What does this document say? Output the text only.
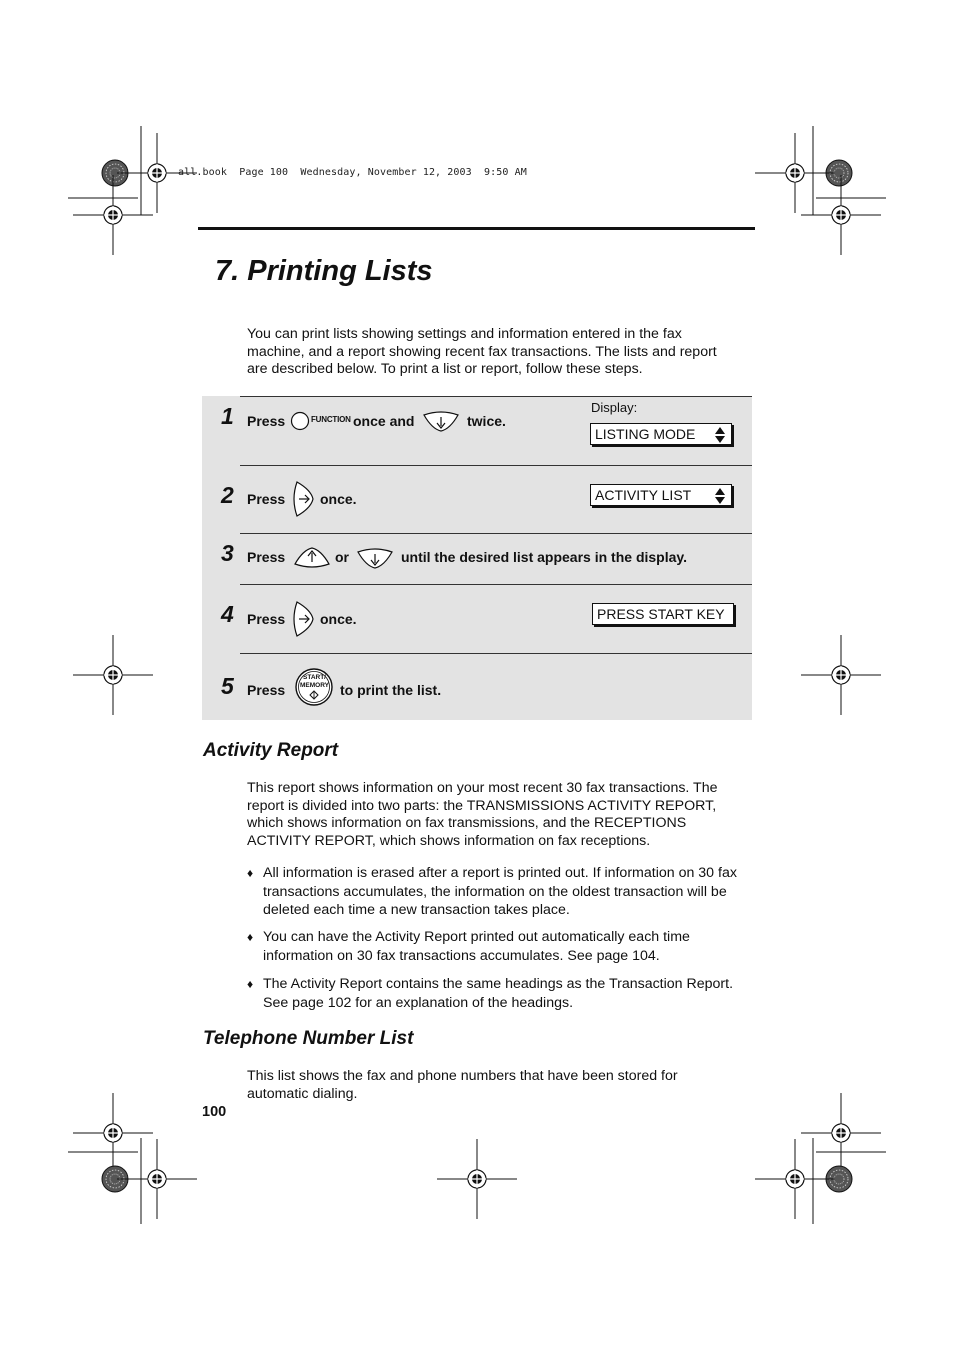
all.book  Page 100  Wednesday, November 12, 2003  9:50 AM
7. Printing Lists

You can print lists showing settings and information entered in the fax machine, and a report showing recent fax transactions. The lists and report are described below. To print a list or report, follow these steps.

Display:
1 Press	FUNCTION once and	twice.
LISTING MODE
2 Press once.	ACTIVITY LIST
3 Press	or	until the desired list appears in the display.
4 Press once.	PRESS START KEY
5 Press
START/
MEMORY to print the list.
Activity Report

This report shows information on your most recent 30 fax transactions. The report is divided into two parts: the TRANSMISSIONS ACTIVITY REPORT, which shows information on fax transmissions, and the RECEPTIONS ACTIVITY REPORT, which shows information on fax receptions.

♦ All information is erased after a report is printed out. If information on 30 fax transactions accumulates, the information on the oldest transaction will be deleted each time a new transaction takes place.
♦ You can have the Activity Report printed out automatically each time information on 30 fax transactions accumulates. See page 104.
♦ The Activity Report contains the same headings as the Transaction Report. See page 102 for an explanation of the headings.
Telephone Number List

This list shows the fax and phone numbers that have been stored for automatic dialing.

100
